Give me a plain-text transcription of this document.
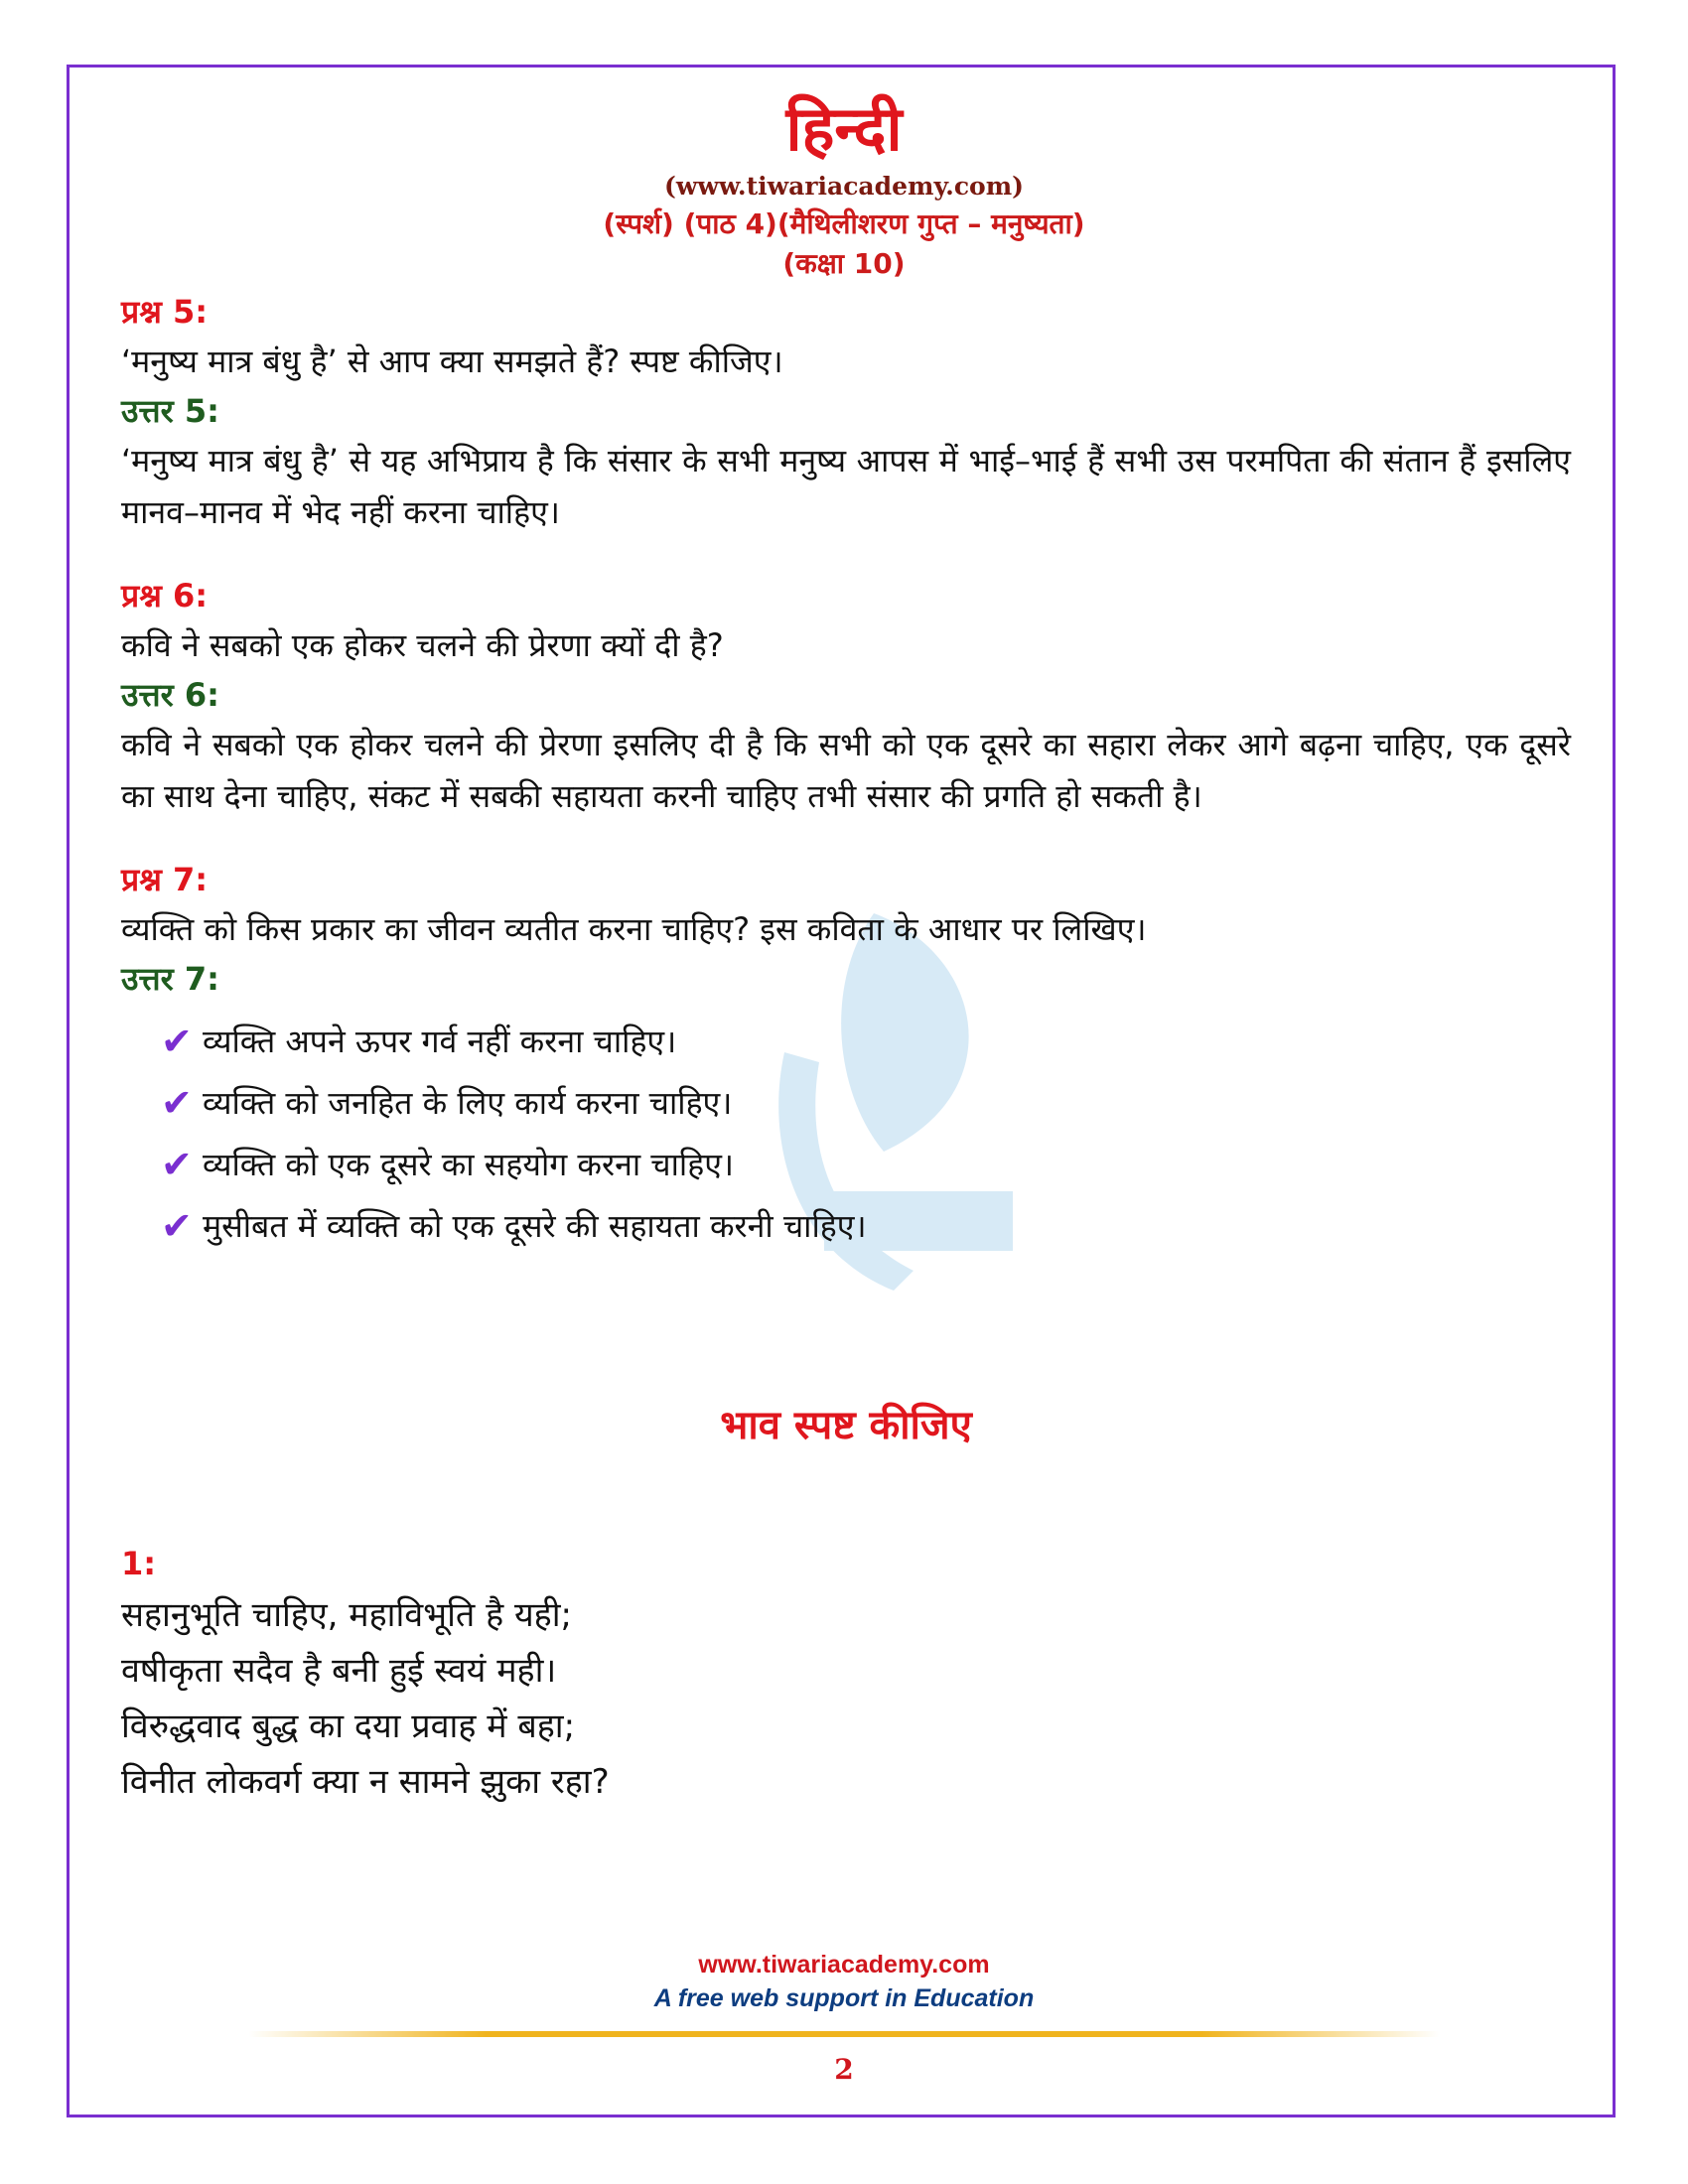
हिन्दी
(www.tiwariacademy.com)
(स्पर्श) (पाठ 4)(मैथिलीशरण गुप्त – मनुष्यता)
(कक्षा 10)
प्रश्न 5:
‘मनुष्य मात्र बंधु है’ से आप क्या समझते हैं? स्पष्ट कीजिए।
उत्तर 5:
‘मनुष्य मात्र बंधु है’ से यह अभिप्राय है कि संसार के सभी मनुष्य आपस में भाई–भाई हैं सभी उस परमपिता की संतान हैं इसलिए मानव–मानव में भेद नहीं करना चाहिए।
प्रश्न 6:
कवि ने सबको एक होकर चलने की प्रेरणा क्यों दी है?
उत्तर 6:
कवि ने सबको एक होकर चलने की प्रेरणा इसलिए दी है कि सभी को एक दूसरे का सहारा लेकर आगे बढ़ना चाहिए, एक दूसरे का साथ देना चाहिए, संकट में सबकी सहायता करनी चाहिए तभी संसार की प्रगति हो सकती है।
प्रश्न 7:
व्यक्ति को किस प्रकार का जीवन व्यतीत करना चाहिए? इस कविता के आधार पर लिखिए।
उत्तर 7:
✔ व्यक्ति अपने ऊपर गर्व नहीं करना चाहिए।
✔ व्यक्ति को जनहित के लिए कार्य करना चाहिए।
✔ व्यक्ति को एक दूसरे का सहयोग करना चाहिए।
✔ मुसीबत में व्यक्ति को एक दूसरे की सहायता करनी चाहिए।
भाव स्पष्ट कीजिए
1:
सहानुभूति चाहिए, महाविभूति है यही;
वषीकृता सदैव है बनी हुई स्वयं मही।
विरुद्धवाद बुद्ध का दया प्रवाह में बहा;
विनीत लोकवर्ग क्या न सामने झुका रहा?
www.tiwariacademy.com
A free web support in Education
2
